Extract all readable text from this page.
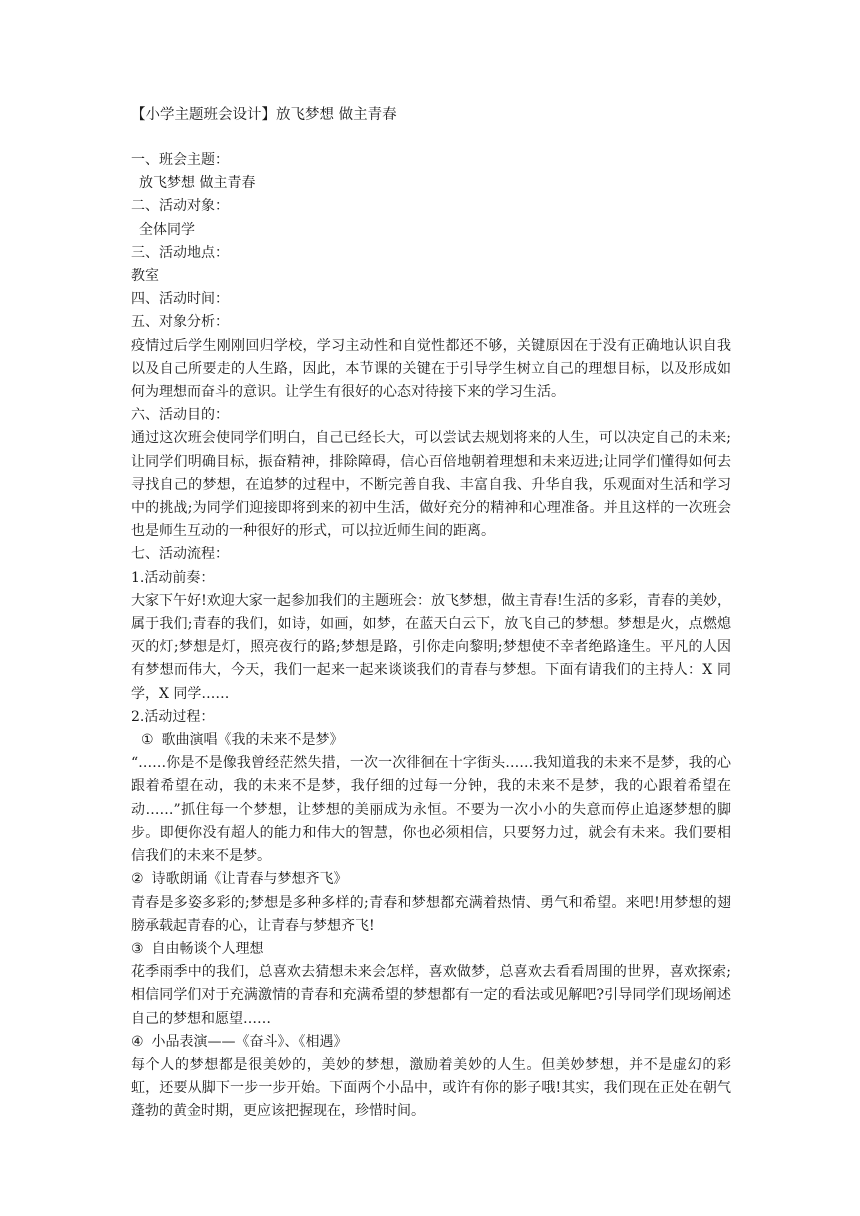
【小学主题班会设计】放飞梦想 做主青春
一、班会主题：
放飞梦想 做主青春
二、活动对象：
全体同学
三、活动地点：
教室
四、活动时间：
五、对象分析：
疫情过后学生刚刚回归学校，学习主动性和自觉性都还不够，关键原因在于没有正确地认识自我以及自己所要走的人生路，因此，本节课的关键在于引导学生树立自己的理想目标，以及形成如何为理想而奋斗的意识。让学生有很好的心态对待接下来的学习生活。
六、活动目的：
通过这次班会使同学们明白，自己已经长大，可以尝试去规划将来的人生，可以决定自己的未来;让同学们明确目标，振奋精神，排除障碍，信心百倍地朝着理想和未来迈进;让同学们懂得如何去寻找自己的梦想，在追梦的过程中，不断完善自我、丰富自我、升华自我，乐观面对生活和学习中的挑战;为同学们迎接即将到来的初中生活，做好充分的精神和心理准备。并且这样的一次班会也是师生互动的一种很好的形式，可以拉近师生间的距离。
七、活动流程：
1.活动前奏：
大家下午好!欢迎大家一起参加我们的主题班会：放飞梦想，做主青春!生活的多彩，青春的美妙，属于我们;青春的我们，如诗，如画，如梦，在蓝天白云下，放飞自己的梦想。梦想是火，点燃熄灭的灯;梦想是灯，照亮夜行的路;梦想是路，引你走向黎明;梦想使不幸者绝路逢生。平凡的人因有梦想而伟大，今天，我们一起来一起来谈谈我们的青春与梦想。下面有请我们的主持人：X 同学，X 同学……
2.活动过程：
① 歌曲演唱《我的未来不是梦》
“……你是不是像我曾经茫然失措，一次一次徘徊在十字街头……我知道我的未来不是梦，我的心跟着希望在动，我的未来不是梦，我仔细的过每一分钟，我的未来不是梦，我的心跟着希望在动……”抓住每一个梦想，让梦想的美丽成为永恒。不要为一次小小的失意而停止追逐梦想的脚步。即便你没有超人的能力和伟大的智慧，你也必须相信，只要努力过，就会有未来。我们要相信我们的未来不是梦。
② 诗歌朗诵《让青春与梦想齐飞》
青春是多姿多彩的;梦想是多种多样的;青春和梦想都充满着热情、勇气和希望。来吧!用梦想的翅膀承载起青春的心，让青春与梦想齐飞!
③ 自由畅谈个人理想
花季雨季中的我们，总喜欢去猜想未来会怎样，喜欢做梦，总喜欢去看看周围的世界，喜欢探索;相信同学们对于充满激情的青春和充满希望的梦想都有一定的看法或见解吧?引导同学们现场阐述自己的梦想和愿望……
④ 小品表演——《奋斗》、《相遇》
每个人的梦想都是很美妙的，美妙的梦想，激励着美妙的人生。但美妙梦想，并不是虚幻的彩虹，还要从脚下一步一步开始。下面两个小品中，或许有你的影子哦!其实，我们现在正处在朝气蓬勃的黄金时期，更应该把握现在，珍惜时间。
